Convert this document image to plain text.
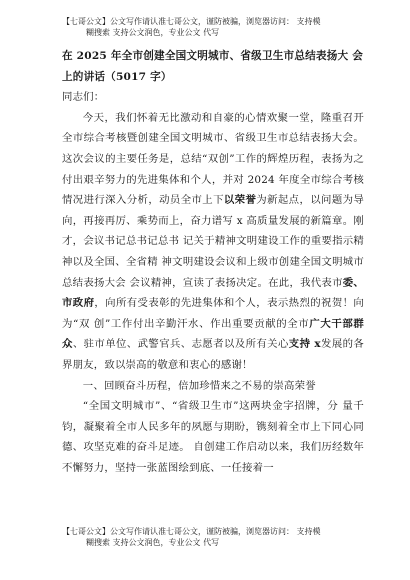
【七哥公文】公文写作请认准七哥公文，谨防被骗，浏览器访问： 支持模
糊搜索 支持公文润色，专业公文 代写

在 2025 年全市创建全国文明城市、省级卫生市总结表扬大 会上的讲话（5017 字）

同志们：

今天，我们怀着无比激动和自豪的心情欢聚一堂，隆重召开全市综合考核暨创建全国文明城市、省级卫生市总结表扬大会。这次会议的主要任务是，总结“双创”工作的辉煌历程，表扬为之付出艰辛努力的先进集体和个人，并对 2024 年度全市综合考核情况进行深入分析，动员全市上下以荣誉为新起点，以问题为导向，再接再厉、乘势而上，奋力谱写 x 高质量发展的新篇章。刚才，会议书记总书记总书 记关于精神文明建设工作的重要指示精神以及全国、全省精 神文明建设会议和上级市创建全国文明城市总结表扬大会 会议精神，宣读了表扬决定。在此，我代表市委、市政府，向所有受表彰的先进集体和个人，表示热烈的祝贺！向为“双 创”工作付出辛勤汗水、作出重要贡献的全市广大干部群众、驻市单位、武警官兵、志愿者以及所有关心支持 x发展的各 界朋友，致以崇高的敬意和衷心的感谢！

一、回顾奋斗历程，倍加珍惜来之不易的崇高荣誉

“全国文明城市”、“省级卫生市”这两块金字招牌，分 量千钧，凝聚着全市人民多年的夙愿与期盼，镌刻着全市上下同心同德、攻坚克难的奋斗足迹。 自创建工作启动以来，我们历经数年不懈努力，坚持一张蓝图绘到底、一任接着一

【七哥公文】公文写作请认准七哥公文，谨防被骗，浏览器访问： 支持模
糊搜索 支持公文润色，专业公文 代写
